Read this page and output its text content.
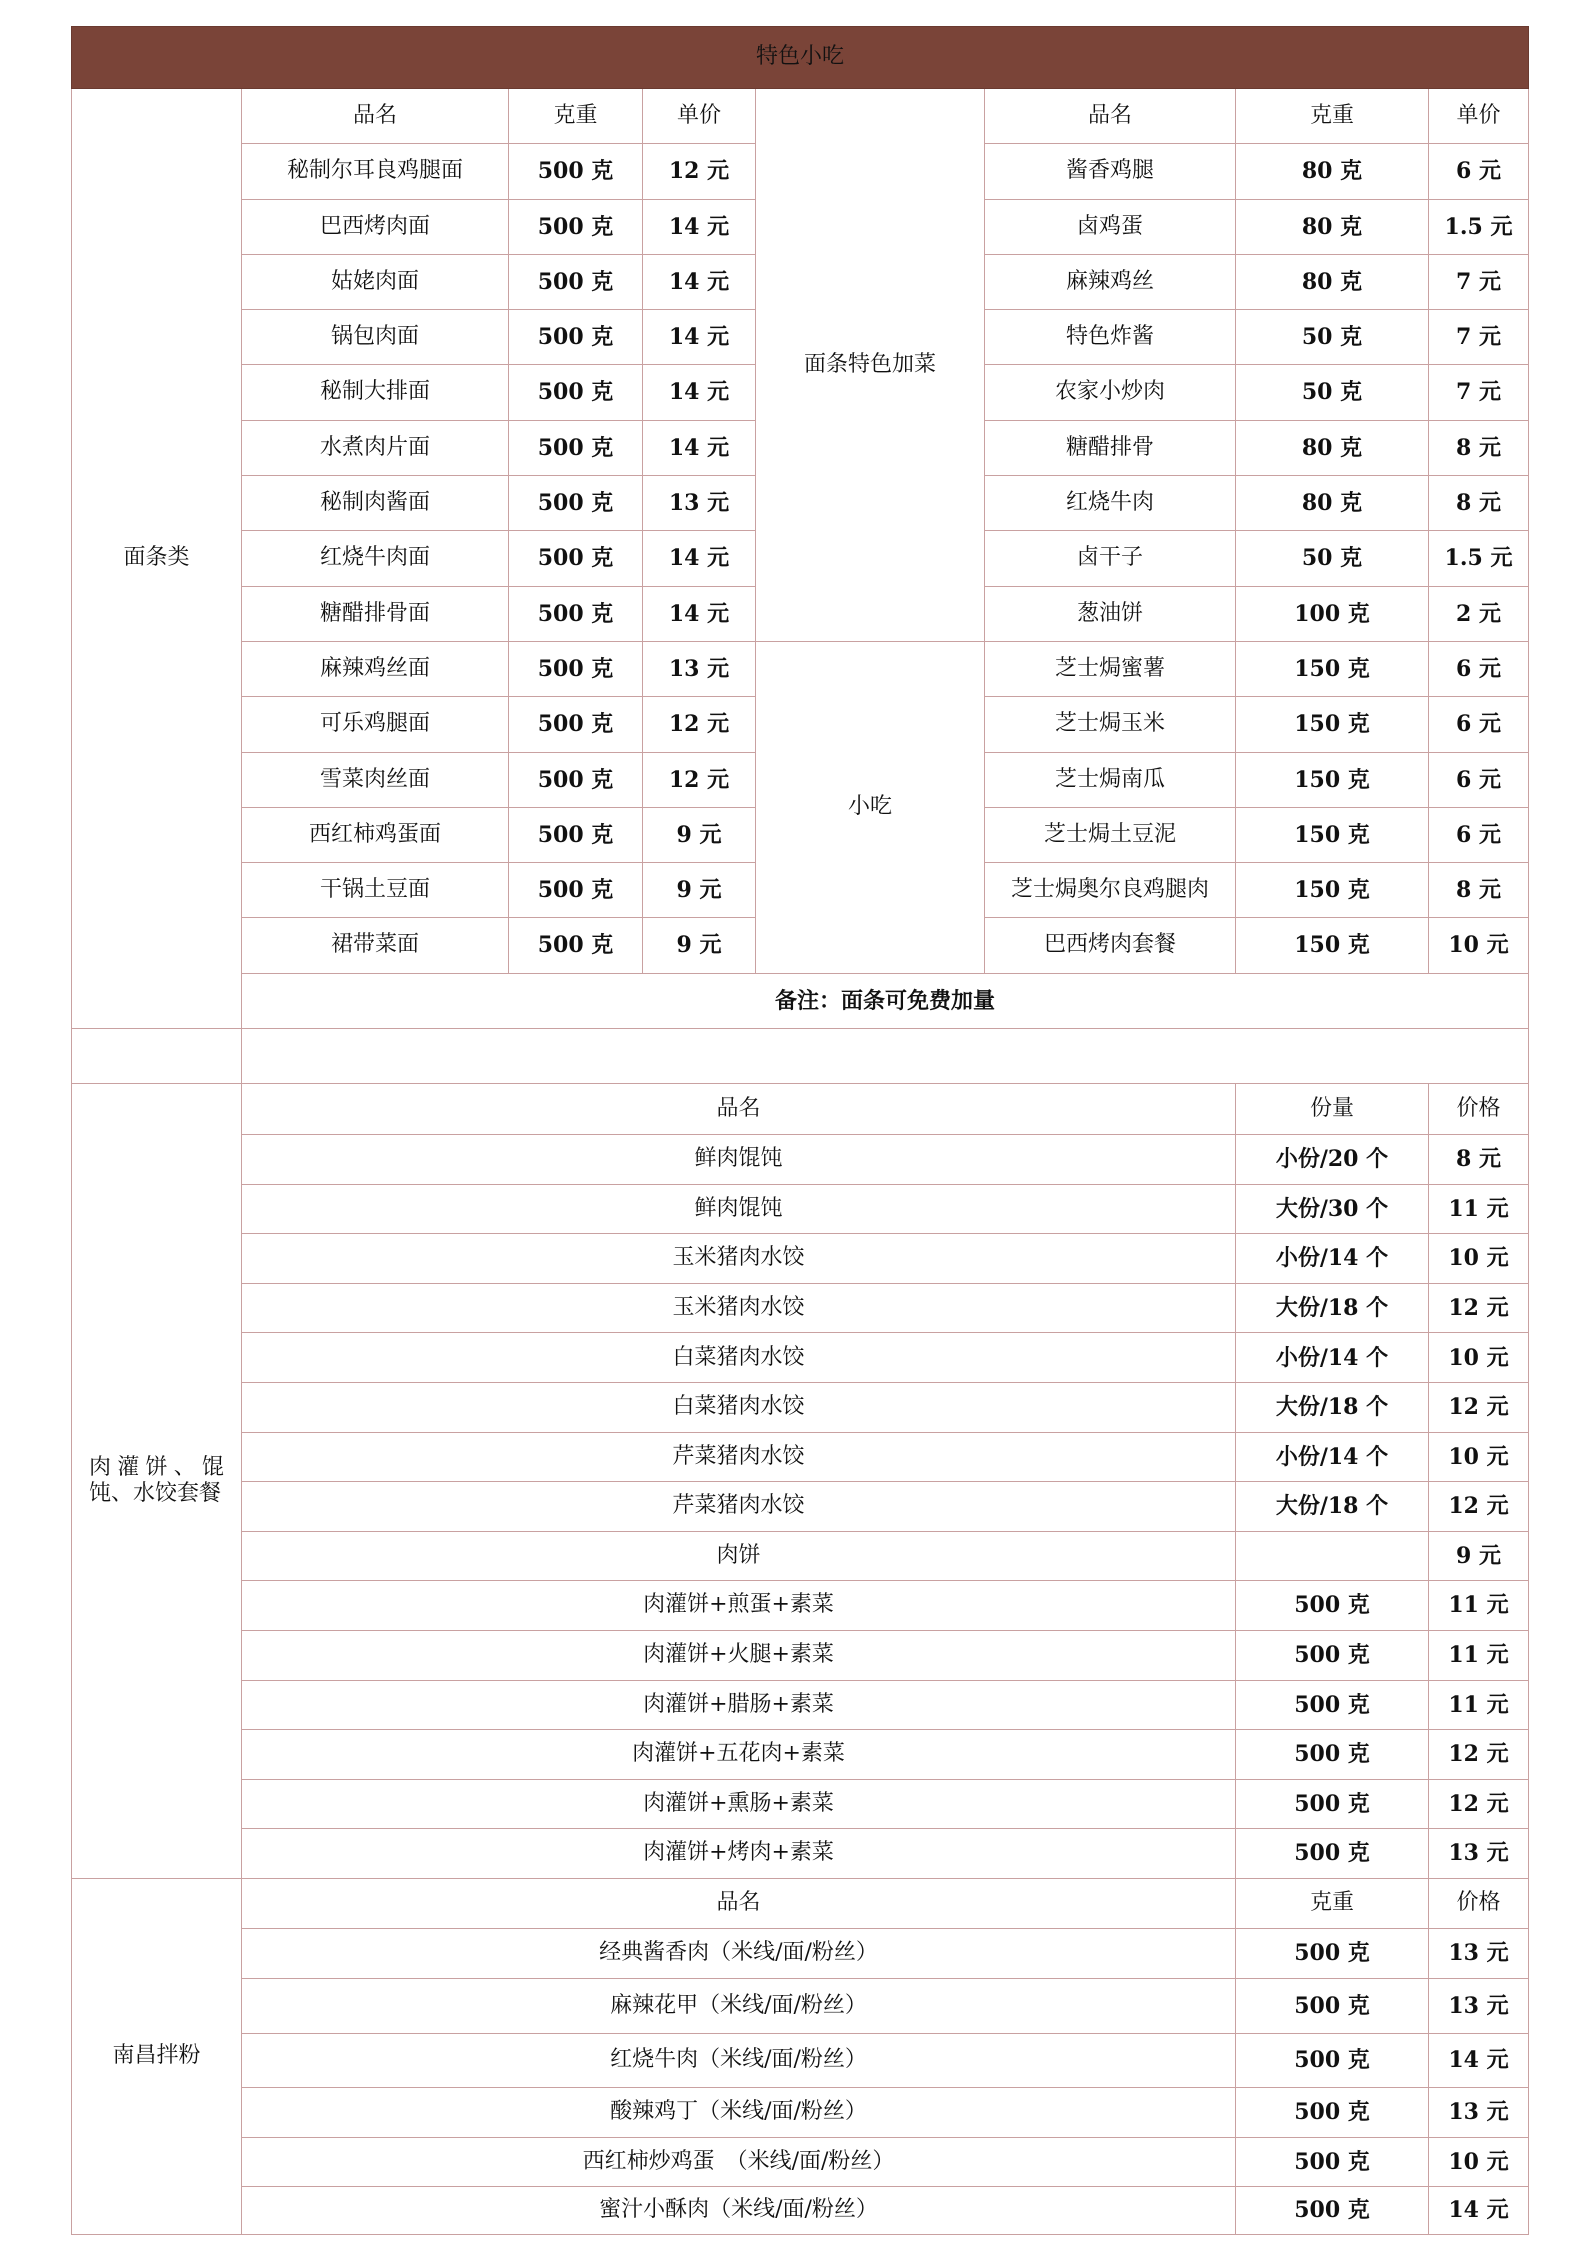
特色小吃							
面条类	品名	克重	单价	面条特色加菜	品名	克重	单价
	秘制尔耳良鸡腿面	500 克	12 元		酱香鸡腿	80 克	6 元
	巴西烤肉面	500 克	14 元		卤鸡蛋	80 克	1.5 元
	姑姥肉面	500 克	14 元		麻辣鸡丝	80 克	7 元
	锅包肉面	500 克	14 元		特色炸酱	50 克	7 元
	秘制大排面	500 克	14 元		农家小炒肉	50 克	7 元
	水煮肉片面	500 克	14 元		糖醋排骨	80 克	8 元
	秘制肉酱面	500 克	13 元		红烧牛肉	80 克	8 元
	红烧牛肉面	500 克	14 元		卤干子	50 克	1.5 元
	糖醋排骨面	500 克	14 元		葱油饼	100 克	2 元
	麻辣鸡丝面	500 克	13 元	小吃	芝士焗蜜薯	150 克	6 元
	可乐鸡腿面	500 克	12 元		芝士焗玉米	150 克	6 元
	雪菜肉丝面	500 克	12 元		芝士焗南瓜	150 克	6 元
	西红柿鸡蛋面	500 克	9 元		芝士焗土豆泥	150 克	6 元
	干锅土豆面	500 克	9 元		芝士焗奥尔良鸡腿肉	150 克	8 元
	裙带菜面	500 克	9 元		巴西烤肉套餐	150 克	10 元
	备注：面条可免费加量						

肉灌饼、馄饨、水饺套餐	品名					份量	价格
	鲜肉馄饨					小份/20 个	8 元
	鲜肉馄饨					大份/30 个	11 元
	玉米猪肉水饺					小份/14 个	10 元
	玉米猪肉水饺					大份/18 个	12 元
	白菜猪肉水饺					小份/14 个	10 元
	白菜猪肉水饺					大份/18 个	12 元
	芹菜猪肉水饺					小份/14 个	10 元
	芹菜猪肉水饺					大份/18 个	12 元
	肉饼						9 元
	肉灌饼+煎蛋+素菜					500 克	11 元
	肉灌饼+火腿+素菜					500 克	11 元
	肉灌饼+腊肠+素菜					500 克	11 元
	肉灌饼+五花肉+素菜					500 克	12 元
	肉灌饼+熏肠+素菜					500 克	12 元
	肉灌饼+烤肉+素菜					500 克	13 元
南昌拌粉	品名					克重	价格
	经典酱香肉（米线/面/粉丝）					500 克	13 元
	麻辣花甲（米线/面/粉丝）					500 克	13 元
	红烧牛肉（米线/面/粉丝）					500 克	14 元
	酸辣鸡丁（米线/面/粉丝）					500 克	13 元
	西红柿炒鸡蛋　（米线/面/粉丝）					500 克	10 元
	蜜汁小酥肉（米线/面/粉丝）					500 克	14 元
